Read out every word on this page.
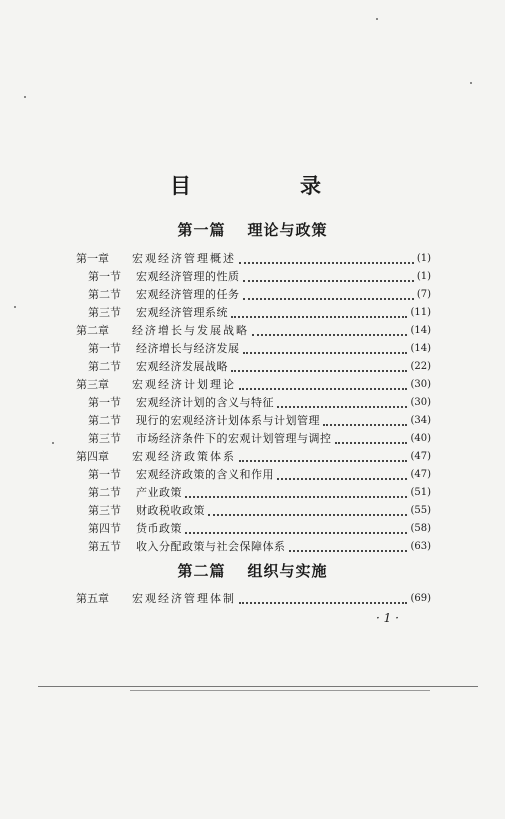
目　录
第一篇 理论与政策
第一章	宏观经济管理概述	(1)
第一节	宏观经济管理的性质	(1)
第二节	宏观经济管理的任务	(7)
第三节	宏观经济管理系统	(11)
第二章	经济增长与发展战略	(14)
第一节	经济增长与经济发展	(14)
第二节	宏观经济发展战略	(22)
第三章	宏观经济计划理论	(30)
第一节	宏观经济计划的含义与特征	(30)
第二节	现行的宏观经济计划体系与计划管理	(34)
第三节	市场经济条件下的宏观计划管理与调控	(40)
第四章	宏观经济政策体系	(47)
第一节	宏观经济政策的含义和作用	(47)
第二节	产业政策	(51)
第三节	财政税收政策	(55)
第四节	货币政策	(58)
第五节	收入分配政策与社会保障体系	(63)
第二篇 组织与实施
第五章	宏观经济管理体制	(69)
· 1 ·
